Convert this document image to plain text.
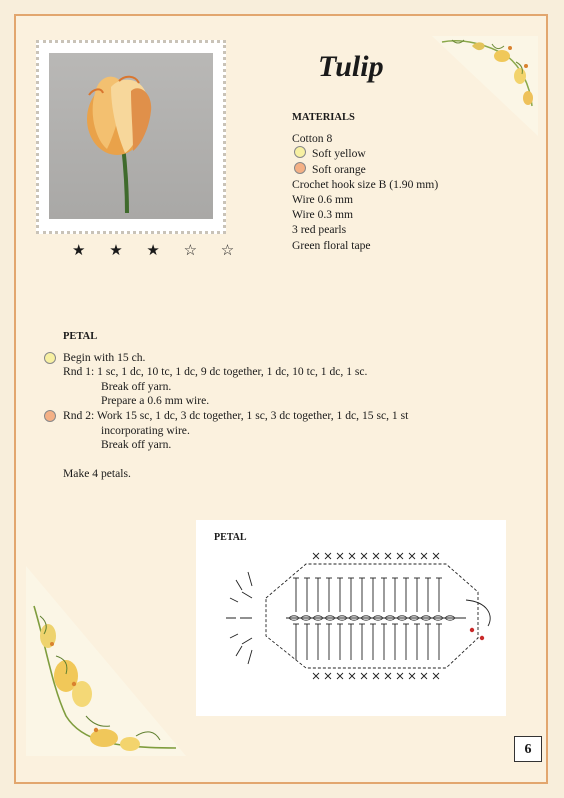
★ ★ ★ ☆ ☆
Tulip
MATERIALS
Cotton 8
Soft yellow
Soft orange
Crochet hook size B (1.90 mm)
Wire 0.6 mm
Wire 0.3 mm
3 red pearls
Green floral tape
PETAL
Begin with 15 ch.
Rnd 1: 1 sc, 1 dc, 10 tc, 1 dc, 9 dc together, 1 dc, 10 tc, 1 dc, 1 sc.
Break off yarn.
Prepare a 0.6 mm wire.
Rnd 2: Work 15 sc, 1 dc, 3 dc together, 1 sc, 3 dc together, 1 dc, 15 sc, 1 st
incorporating wire.
Break off yarn.
Make 4 petals.
PETAL
6
